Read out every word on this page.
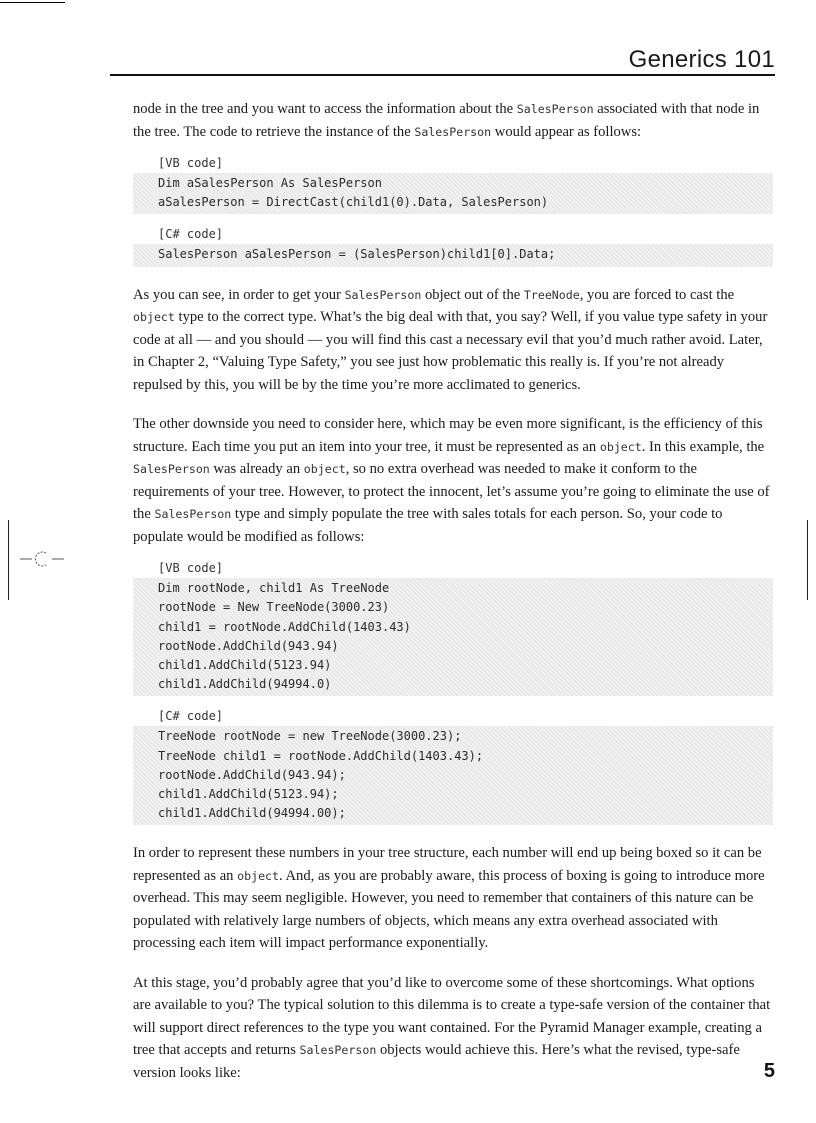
Generics 101

node in the tree and you want to access the information about the SalesPerson associated with that node in the tree. The code to retrieve the instance of the SalesPerson would appear as follows:

[VB code]
Dim aSalesPerson As SalesPerson
aSalesPerson = DirectCast(child1(0).Data, SalesPerson)
[C# code]
SalesPerson aSalesPerson = (SalesPerson)child1[0].Data;

As you can see, in order to get your SalesPerson object out of the TreeNode, you are forced to cast the object type to the correct type. What’s the big deal with that, you say? Well, if you value type safety in your code at all — and you should — you will find this cast a necessary evil that you’d much rather avoid. Later, in Chapter 2, “Valuing Type Safety,” you see just how problematic this really is. If you’re not already repulsed by this, you will be by the time you’re more acclimated to generics.

The other downside you need to consider here, which may be even more significant, is the efficiency of this structure. Each time you put an item into your tree, it must be represented as an object. In this example, the SalesPerson was already an object, so no extra overhead was needed to make it conform to the requirements of your tree. However, to protect the innocent, let’s assume you’re going to eliminate the use of the SalesPerson type and simply populate the tree with sales totals for each person. So, your code to populate would be modified as follows:

[VB code]
Dim rootNode, child1 As TreeNode
rootNode = New TreeNode(3000.23)
child1 = rootNode.AddChild(1403.43)
rootNode.AddChild(943.94)
child1.AddChild(5123.94)
child1.AddChild(94994.0)
[C# code]
TreeNode rootNode = new TreeNode(3000.23);
TreeNode child1 = rootNode.AddChild(1403.43);
rootNode.AddChild(943.94);
child1.AddChild(5123.94);
child1.AddChild(94994.00);

In order to represent these numbers in your tree structure, each number will end up being boxed so it can be represented as an object. And, as you are probably aware, this process of boxing is going to introduce more overhead. This may seem negligible. However, you need to remember that containers of this nature can be populated with relatively large numbers of objects, which means any extra overhead associated with processing each item will impact performance exponentially.

At this stage, you’d probably agree that you’d like to overcome some of these shortcomings. What options are available to you? The typical solution to this dilemma is to create a type-safe version of the container that will support direct references to the type you want contained. For the Pyramid Manager example, creating a tree that accepts and returns SalesPerson objects would achieve this. Here’s what the revised, type-safe version looks like:	5
